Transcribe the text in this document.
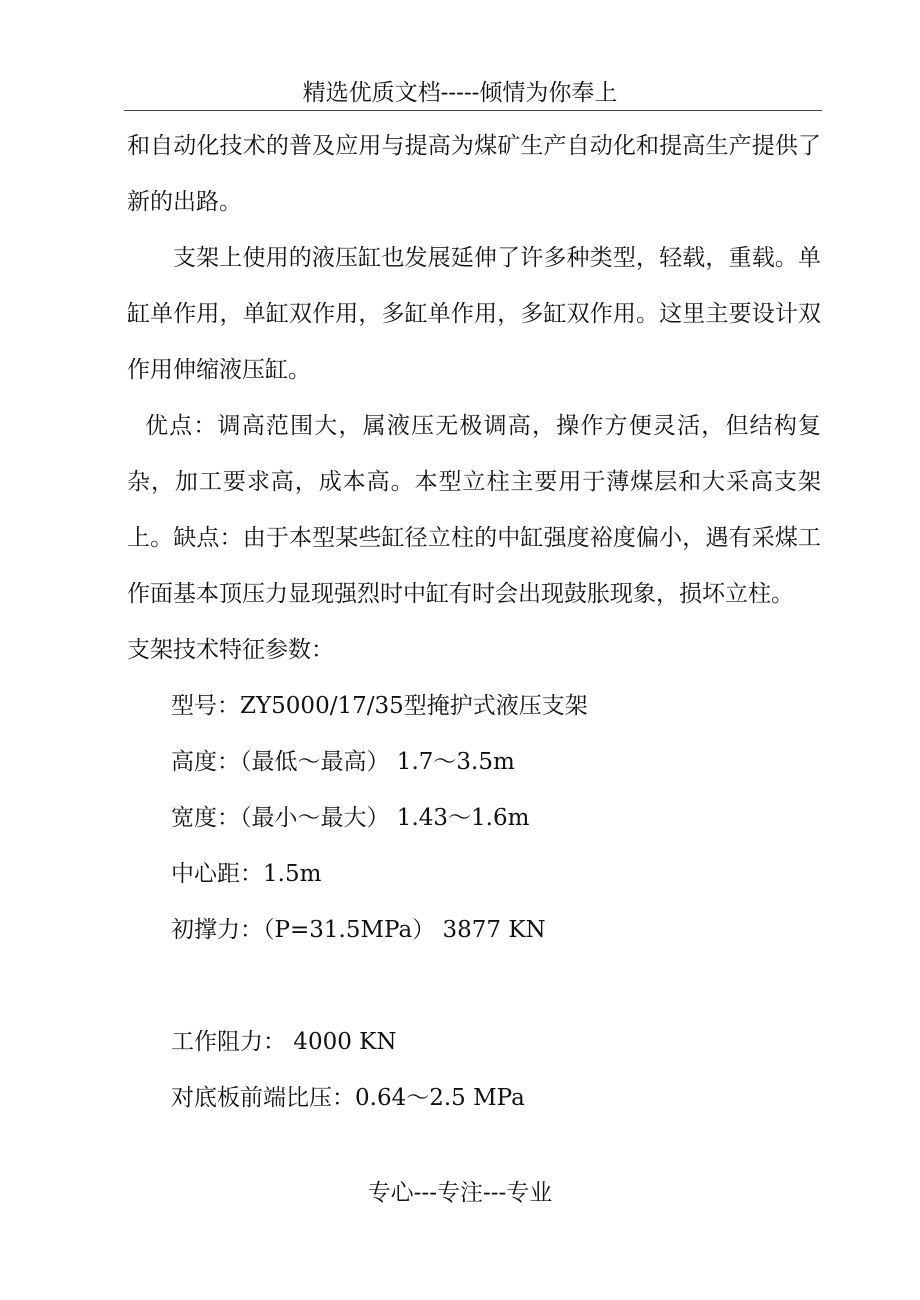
精选优质文档-----倾情为你奉上

和自动化技术的普及应用与提高为煤矿生产自动化和提高生产提供了新的出路。

支架上使用的液压缸也发展延伸了许多种类型，轻载，重载。单缸单作用，单缸双作用，多缸单作用，多缸双作用。这里主要设计双作用伸缩液压缸。

优点：调高范围大，属液压无极调高，操作方便灵活，但结构复杂，加工要求高，成本高。本型立柱主要用于薄煤层和大采高支架上。缺点：由于本型某些缸径立柱的中缸强度裕度偏小，遇有采煤工作面基本顶压力显现强烈时中缸有时会出现鼓胀现象，损坏立柱。

支架技术特征参数：

型号：ZY5000/17/35型掩护式液压支架
高度：（最低～最高） 1.7～3.5m
宽度：（最小～最大） 1.43～1.6m
中心距：1.5m
初撑力：（P=31.5MPa） 3877 KN
工作阻力： 4000 KN
对底板前端比压：0.64～2.5 MPa
专心---专注---专业
